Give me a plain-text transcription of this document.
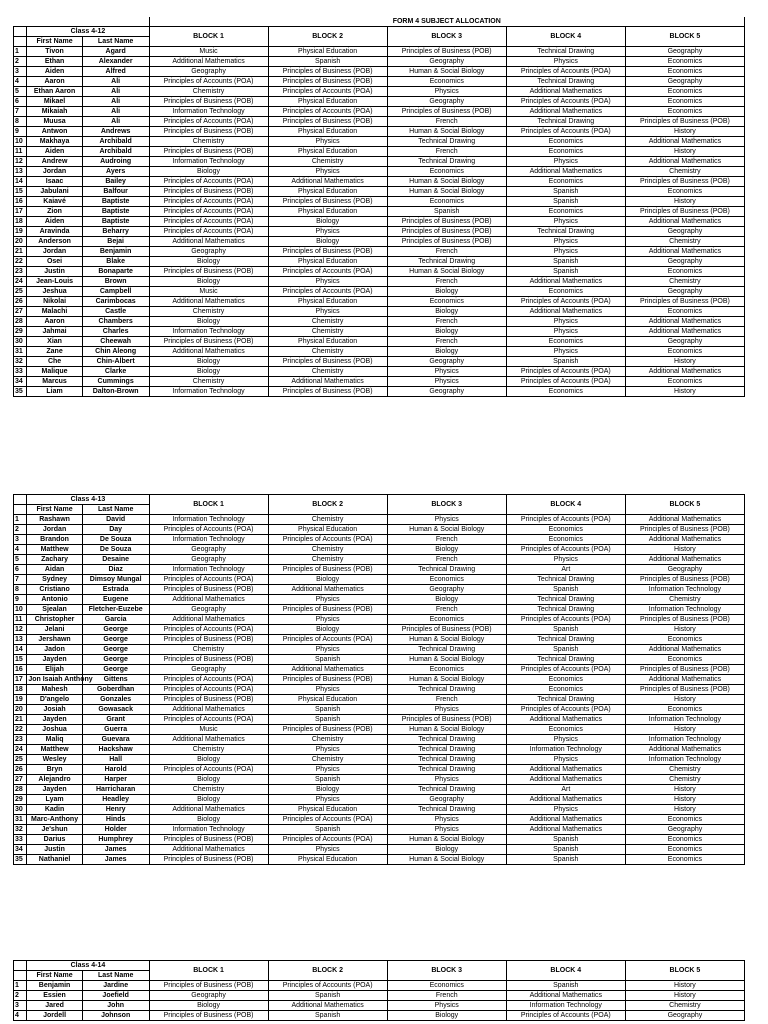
			FORM 4 SUBJECT ALLOCATION				
	Class 4-12		BLOCK 1	BLOCK 2	BLOCK 3	BLOCK 4	BLOCK 5
	First Name	Last Name					
1	Tivon	Agard	Music	Physical Education	Principles of Business (POB)	Technical Drawing	Geography
2	Ethan	Alexander	Additional Mathematics	Spanish	Geography	Physics	Economics
3	Aiden	Alfred	Geography	Principles of Business (POB)	Human & Social Biology	Principles of Accounts (POA)	Economics
4	Aaron	Ali	Principles of Accounts (POA)	Principles of Business (POB)	Economics	Technical Drawing	Geography
5	Ethan Aaron	Ali	Chemistry	Principles of Accounts (POA)	Physics	Additional Mathematics	Economics
6	Mikael	Ali	Principles of Business (POB)	Physical Education	Geography	Principles of Accounts (POA)	Economics
7	Mikaiah	Ali	Information Technology	Principles of Accounts (POA)	Principles of Business (POB)	Additional Mathematics	Economics
8	Muusa	Ali	Principles of Accounts (POA)	Principles of Business (POB)	French	Technical Drawing	Principles of Business (POB)
9	Antwon	Andrews	Principles of Business (POB)	Physical Education	Human & Social Biology	Principles of Accounts (POA)	History
10	Makhaya	Archibald	Chemistry	Physics	Technical Drawing	Economics	Additional Mathematics
11	Aiden	Archibald	Principles of Business (POB)	Physical Education	French	Economics	History
12	Andrew	Audroing	Information Technology	Chemistry	Technical Drawing	Physics	Additional Mathematics
13	Jordan	Ayers	Biology	Physics	Economics	Additional Mathematics	Chemistry
14	Isaac	Bailey	Principles of Accounts (POA)	Additional Mathematics	Human & Social Biology	Economics	Principles of Business (POB)
15	Jabulani	Balfour	Principles of Business (POB)	Physical Education	Human & Social Biology	Spanish	Economics
16	Kaiavé	Baptiste	Principles of Accounts (POA)	Principles of Business (POB)	Economics	Spanish	History
17	Zion	Baptiste	Principles of Accounts (POA)	Physical Education	Spanish	Economics	Principles of Business (POB)
18	Aiden	Baptiste	Principles of Accounts (POA)	Biology	Principles of Business (POB)	Physics	Additional Mathematics
19	Aravinda	Beharry	Principles of Accounts (POA)	Physics	Principles of Business (POB)	Technical Drawing	Geography
20	Anderson	Bejai	Additional Mathematics	Biology	Principles of Business (POB)	Physics	Chemistry
21	Jordan	Benjamin	Geography	Principles of Business (POB)	French	Physics	Additional Mathematics
22	Osei	Blake	Biology	Physical Education	Technical Drawing	Spanish	Geography
23	Justin	Bonaparte	Principles of Business (POB)	Principles of Accounts (POA)	Human & Social Biology	Spanish	Economics
24	Jean-Louis	Brown	Biology	Physics	French	Additional Mathematics	Chemistry
25	Jeshua	Campbell	Music	Principles of Accounts (POA)	Biology	Economics	Geography
26	Nikolai	Carimbocas	Additional Mathematics	Physical Education	Economics	Principles of Accounts (POA)	Principles of Business (POB)
27	Malachi	Castle	Chemistry	Physics	Biology	Additional Mathematics	Economics
28	Aaron	Chambers	Biology	Chemistry	French	Physics	Additional Mathematics
29	Jahmai	Charles	Information Technology	Chemistry	Biology	Physics	Additional Mathematics
30	Xian	Cheewah	Principles of Business (POB)	Physical Education	French	Economics	Geography
31	Zane	Chin Aleong	Additional Mathematics	Chemistry	Biology	Physics	Economics
32	Che	Chin-Albert	Biology	Principles of Business (POB)	Geography	Spanish	History
33	Malique	Clarke	Biology	Chemistry	Physics	Principles of Accounts (POA)	Additional Mathematics
34	Marcus	Cummings	Chemistry	Additional Mathematics	Physics	Principles of Accounts (POA)	Economics
35	Liam	Dalton-Brown	Information Technology	Principles of Business (POB)	Geography	Economics	History
	Class 4-13		BLOCK 1	BLOCK 2	BLOCK 3	BLOCK 4	BLOCK 5
	First Name	Last Name					
1	Rashawn	David	Information Technology	Chemistry	Physics	Principles of Accounts (POA)	Additional Mathematics
2	Jordan	Day	Principles of Accounts (POA)	Physical Education	Human & Social Biology	Economics	Principles of Business (POB)
3	Brandon	De Souza	Information Technology	Principles of Accounts (POA)	French	Economics	Additional Mathematics
4	Matthew	De Souza	Geography	Chemistry	Biology	Principles of Accounts (POA)	History
5	Zachary	Desaine	Geography	Chemistry	French	Physics	Additional Mathematics
6	Aidan	Diaz	Information Technology	Principles of Business (POB)	Technical Drawing	Art	Geography
7	Sydney	Dimsoy Mungal	Principles of Accounts (POA)	Biology	Economics	Technical Drawing	Principles of Business (POB)
8	Cristiano	Estrada	Principles of Business (POB)	Additional Mathematics	Geography	Spanish	Information Technology
9	Antonio	Eugene	Additional Mathematics	Physics	Biology	Technical Drawing	Chemistry
10	Sjealan	Fletcher-Euzebe	Geography	Principles of Business (POB)	French	Technical Drawing	Information Technology
11	Christopher	Garcia	Additional Mathematics	Physics	Economics	Principles of Accounts (POA)	Principles of Business (POB)
12	Jelani	George	Principles of Accounts (POA)	Biology	Principles of Business (POB)	Spanish	History
13	Jershawn	George	Principles of Business (POB)	Principles of Accounts (POA)	Human & Social Biology	Technical Drawing	Economics
14	Jadon	George	Chemistry	Physics	Technical Drawing	Spanish	Additional Mathematics
15	Jayden	George	Principles of Business (POB)	Spanish	Human & Social Biology	Technical Drawing	Economics
16	Elijah	George	Geography	Additional Mathematics	Economics	Principles of Accounts (POA)	Principles of Business (POB)
17	Jon Isaiah Anthony	Gittens	Principles of Accounts (POA)	Principles of Business (POB)	Human & Social Biology	Economics	Additional Mathematics
18	Mahesh	Goberdhan	Principles of Accounts (POA)	Physics	Technical Drawing	Economics	Principles of Business (POB)
19	D'angelo	Gonzales	Principles of Business (POB)	Physical Education	French	Technical Drawing	History
20	Josiah	Gowasack	Additional Mathematics	Spanish	Physics	Principles of Accounts (POA)	Economics
21	Jayden	Grant	Principles of Accounts (POA)	Spanish	Principles of Business (POB)	Additional Mathematics	Information Technology
22	Joshua	Guerra	Music	Principles of Business (POB)	Human & Social Biology	Economics	History
23	Maliq	Guevara	Additional Mathematics	Chemistry	Technical Drawing	Physics	Information Technology
24	Matthew	Hackshaw	Chemistry	Physics	Technical Drawing	Information Technology	Additional Mathematics
25	Wesley	Hall	Biology	Chemistry	Technical Drawing	Physics	Information Technology
26	Bryn	Harold	Principles of Accounts (POA)	Physics	Technical Drawing	Additional Mathematics	Chemistry
27	Alejandro	Harper	Biology	Spanish	Physics	Additional Mathematics	Chemistry
28	Jayden	Harricharan	Chemistry	Biology	Technical Drawing	Art	History
29	Lyam	Headley	Biology	Physics	Geography	Additional Mathematics	History
30	Kadin	Henry	Additional Mathematics	Physical Education	Technical Drawing	Physics	History
31	Marc-Anthony	Hinds	Biology	Principles of Accounts (POA)	Physics	Additional Mathematics	Economics
32	Je'shun	Holder	Information Technology	Spanish	Physics	Additional Mathematics	Geography
33	Darius	Humphrey	Principles of Business (POB)	Principles of Accounts (POA)	Human & Social Biology	Spanish	Economics
34	Justin	James	Additional Mathematics	Physics	Biology	Spanish	Economics
35	Nathaniel	James	Principles of Business (POB)	Physical Education	Human & Social Biology	Spanish	Economics
	Class 4-14		BLOCK 1	BLOCK 2	BLOCK 3	BLOCK 4	BLOCK 5
	First Name	Last Name					
1	Benjamin	Jardine	Principles of Business (POB)	Principles of Accounts (POA)	Economics	Spanish	History
2	Essien	Joefield	Geography	Spanish	French	Additional Mathematics	History
3	Jared	John	Biology	Additional Mathematics	Physics	Information Technology	Chemistry
4	Jordell	Johnson	Principles of Business (POB)	Spanish	Biology	Principles of Accounts (POA)	Geography
